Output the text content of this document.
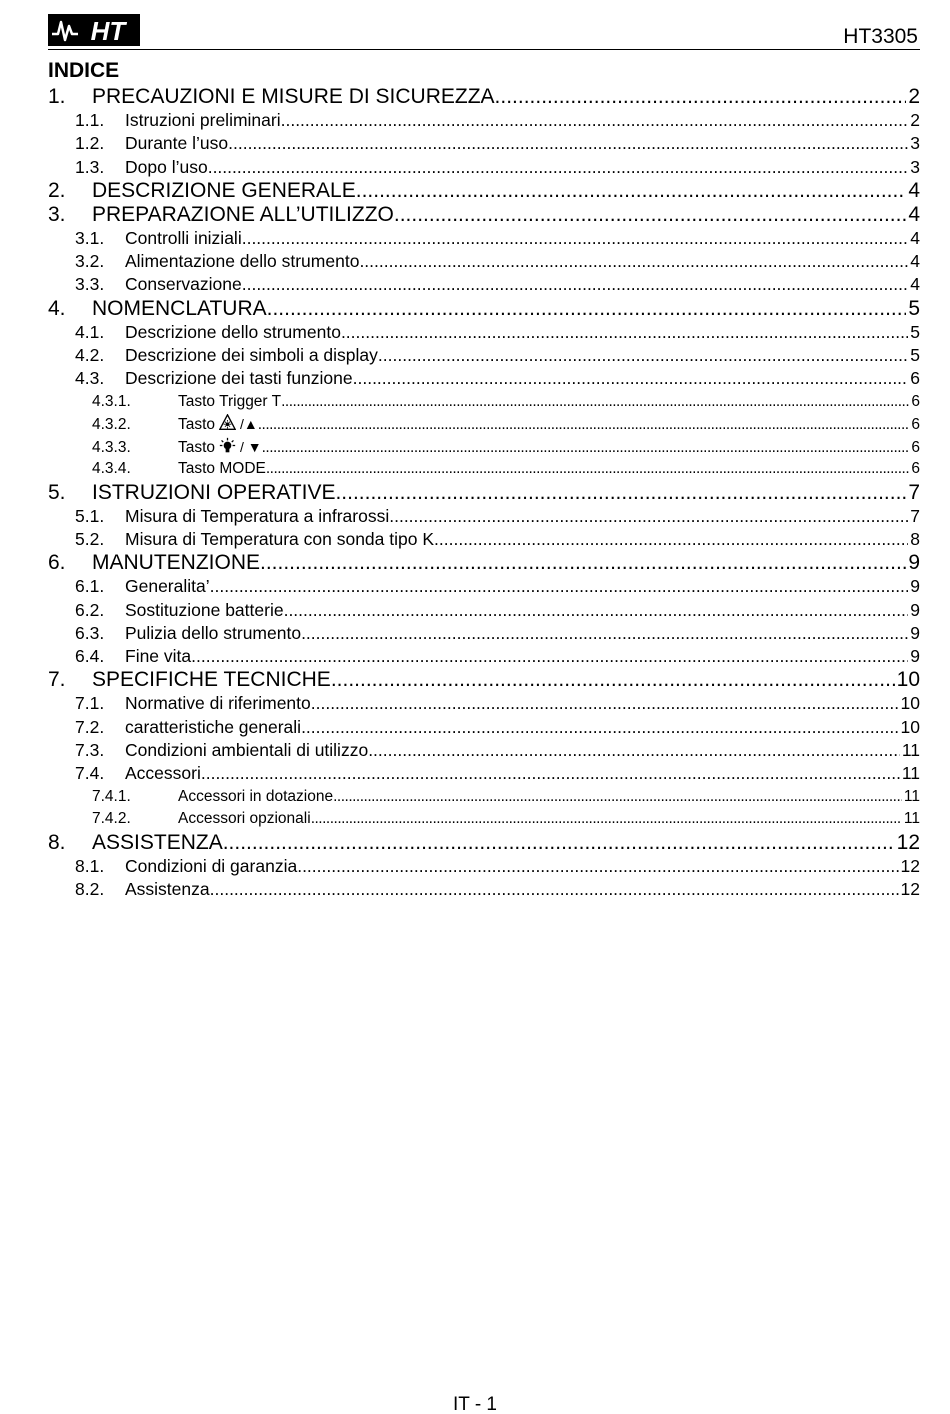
HT	HT3305
INDICE
1.	PRECAUZIONI E MISURE DI SICUREZZA .....	2
1.1.	Istruzioni preliminari .....	2
1.2.	Durante l’uso .....	3
1.3.	Dopo l’uso .....	3
2.	DESCRIZIONE GENERALE .....	4
3.	PREPARAZIONE ALL’UTILIZZO .....	4
3.1.	Controlli iniziali .....	4
3.2.	Alimentazione dello strumento .....	4
3.3.	Conservazione .....	4
4.	NOMENCLATURA .....	5
4.1.	Descrizione dello strumento .....	5
4.2.	Descrizione dei simboli a display .....	5
4.3.	Descrizione dei tasti funzione .....	6
4.3.1.	Tasto Trigger T .....	6
4.3.2.	Tasto /▲ .....	6
4.3.3.	Tasto / ▼ .....	6
4.3.4.	Tasto MODE .....	6
5.	ISTRUZIONI OPERATIVE .....	7
5.1.	Misura di Temperatura a infrarossi .....	7
5.2.	Misura di Temperatura con sonda tipo K .....	8
6.	MANUTENZIONE .....	9
6.1.	Generalita’ .....	9
6.2.	Sostituzione batterie .....	9
6.3.	Pulizia dello strumento .....	9
6.4.	Fine vita .....	9
7.	SPECIFICHE TECNICHE .....	10
7.1.	Normative di riferimento .....	10
7.2.	caratteristiche generali .....	10
7.3.	Condizioni ambientali di utilizzo .....	11
7.4.	Accessori .....	11
7.4.1.	Accessori in dotazione .....	11
7.4.2.	Accessori opzionali .....	11
8.	ASSISTENZA .....	12
8.1.	Condizioni di garanzia .....	12
8.2.	Assistenza .....	12
IT - 1
